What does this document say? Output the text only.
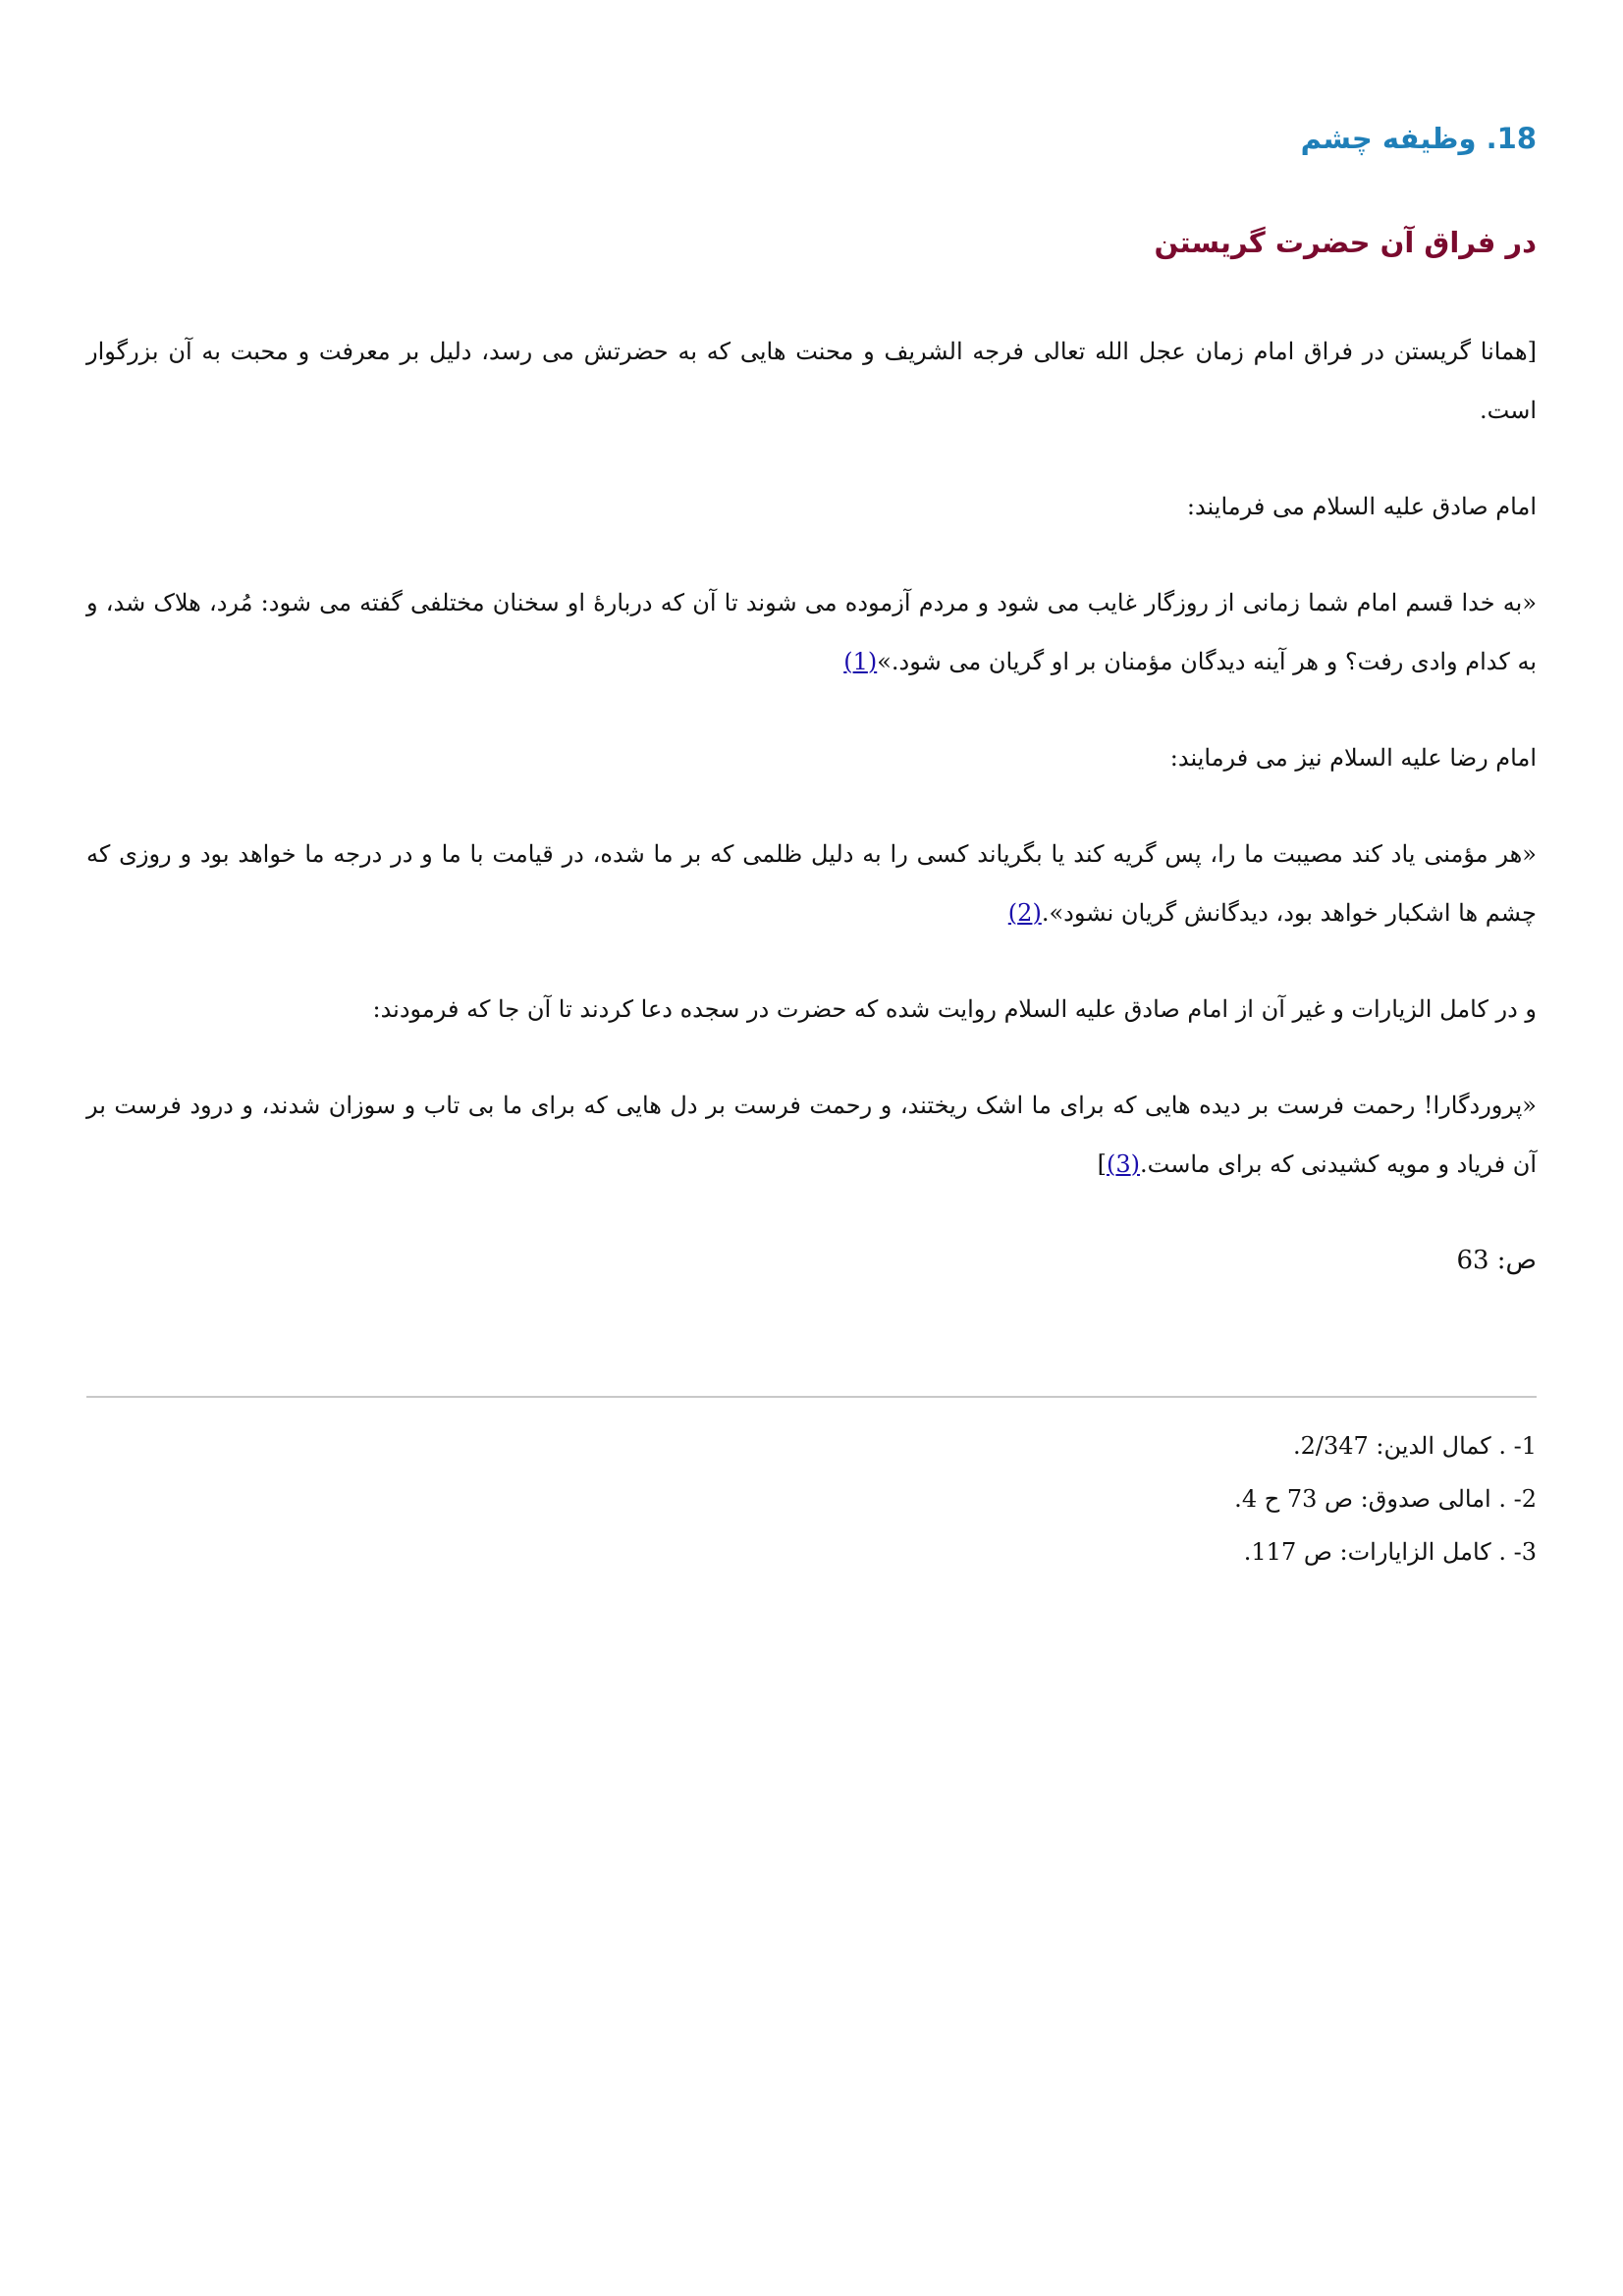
18. وظیفه چشم
در فراق آن حضرت گریستن

[همانا گریستن در فراق امام زمان عجل الله تعالی فرجه الشریف و محنت هایی که به حضرتش می رسد، دلیل بر معرفت و محبت به آن بزرگوار است.

امام صادق علیه السلام می فرمایند:

«به خدا قسم امام شما زمانی از روزگار غایب می شود و مردم آزموده می شوند تا آن که دربارهٔ او سخنان مختلفی گفته می شود: مُرد، هلاک شد، و به کدام وادی رفت؟ و هر آینه دیدگان مؤمنان بر او گریان می شود.»(1)

امام رضا علیه السلام نیز می فرمایند:

«هر مؤمنی یاد کند مصیبت ما را، پس گریه کند یا بگریاند کسی را به دلیل ظلمی که بر ما شده، در قیامت با ما و در درجه ما خواهد بود و روزی که چشم ها اشکبار خواهد بود، دیدگانش گریان نشود».(2)

و در کامل الزیارات و غیر آن از امام صادق علیه السلام روایت شده که حضرت در سجده دعا کردند تا آن جا که فرمودند:

«پروردگارا! رحمت فرست بر دیده هایی که برای ما اشک ریختند، و رحمت فرست بر دل هایی که برای ما بی تاب و سوزان شدند، و درود فرست بر آن فریاد و مویه کشیدنی که برای ماست.(3)]

ص: 63

1- . کمال الدین: 2/347.
2- . امالی صدوق: ص 73 ح 4.
3- . کامل الزایارات: ص 117.
